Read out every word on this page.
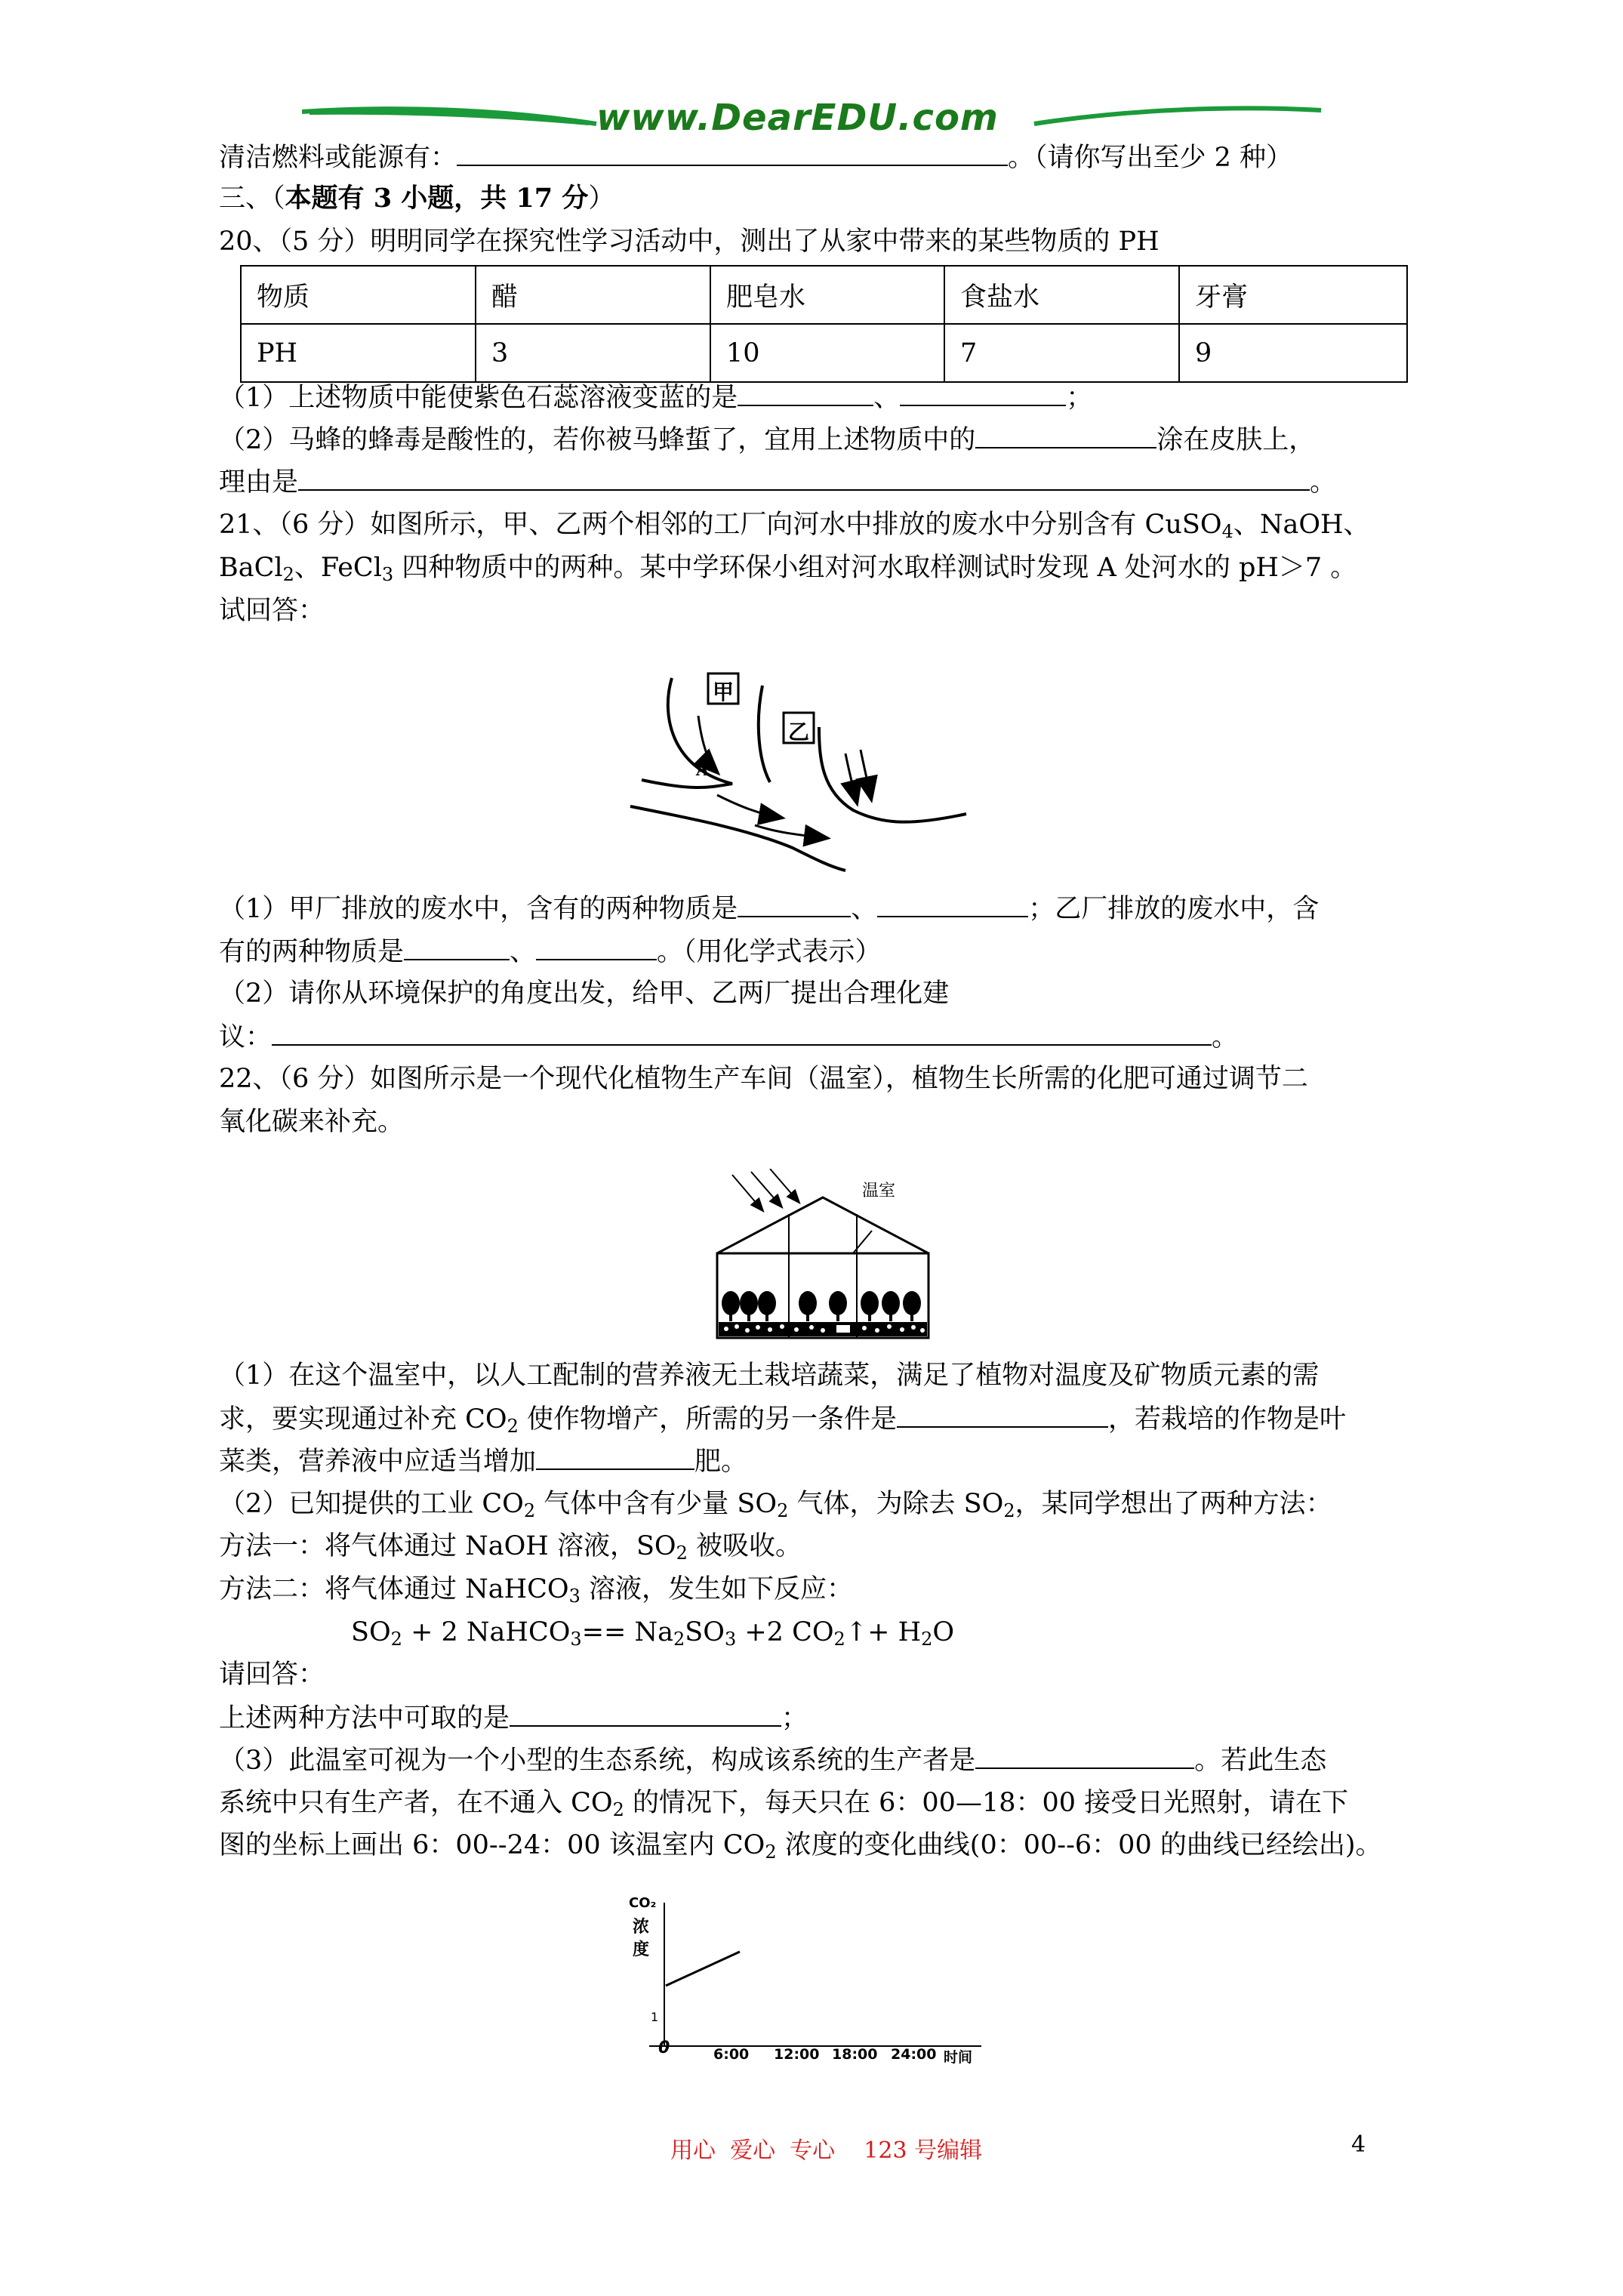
www.DearEDU.com
清洁燃料或能源有：	。（请你写出至少 2 种）
三、（本题有 3 小题，共 17 分）
20、（5 分）明明同学在探究性学习活动中，测出了从家中带来的某些物质的 PH
物质	醋	肥皂水	食盐水	牙膏
PH	3	10	7	9
（1）上述物质中能使紫色石蕊溶液变蓝的是	、	；
（2）马蜂的蜂毒是酸性的，若你被马蜂蜇了，宜用上述物质中的	涂在皮肤上，
理由是	。
21、（6 分）如图所示，甲、乙两个相邻的工厂向河水中排放的废水中分别含有 CuSO$_4$、NaOH、
BaCl$_2$、FeCl$_3$ 四种物质中的两种。某中学环保小组对河水取样测试时发现 A 处河水的 pH＞7 。
试回答：
甲
乙
A
（1）甲厂排放的废水中，含有的两种物质是	、	；乙厂排放的废水中，含
有的两种物质是	、	。（用化学式表示）
（2）请你从环境保护的角度出发，给甲、乙两厂提出合理化建
议：	。
22、（6 分）如图所示是一个现代化植物生产车间（温室），植物生长所需的化肥可通过调节二
氧化碳来补充。
温室
（1）在这个温室中，以人工配制的营养液无土栽培蔬菜，满足了植物对温度及矿物质元素的需
求，要实现通过补充 $CO_2$ 使作物增产，所需的另一条件是	，若栽培的作物是叶
菜类，营养液中应适当增加	肥。
（2）已知提供的工业 $CO_2$ 气体中含有少量 $SO_2$ 气体，为除去 $SO_2$，某同学想出了两种方法：
方法一：将气体通过 NaOH 溶液，$SO_2$ 被吸收。
方法二：将气体通过 NaHCO$_3$ 溶液，发生如下反应：
$SO_2 + 2$ NaHCO$_3$== $Na_2SO_3 +2$ $CO_2↑+ H_2O$
请回答：
上述两种方法中可取的是	；
（3）此温室可视为一个小型的生态系统，构成该系统的生产者是	。若此生态
系统中只有生产者，在不通入 $CO_2$ 的情况下，每天只在 6：00—18：00 接受日光照射，请在下
图的坐标上画出 6：00--24：00 该温室内 $CO_2$ 浓度的变化曲线(0：00--6：00 的曲线已经绘出)。
CO₂
浓
度
1
0	6:00 12:00 18:00 24:00 时间
用心  爱心  专心    123 号编辑	4
